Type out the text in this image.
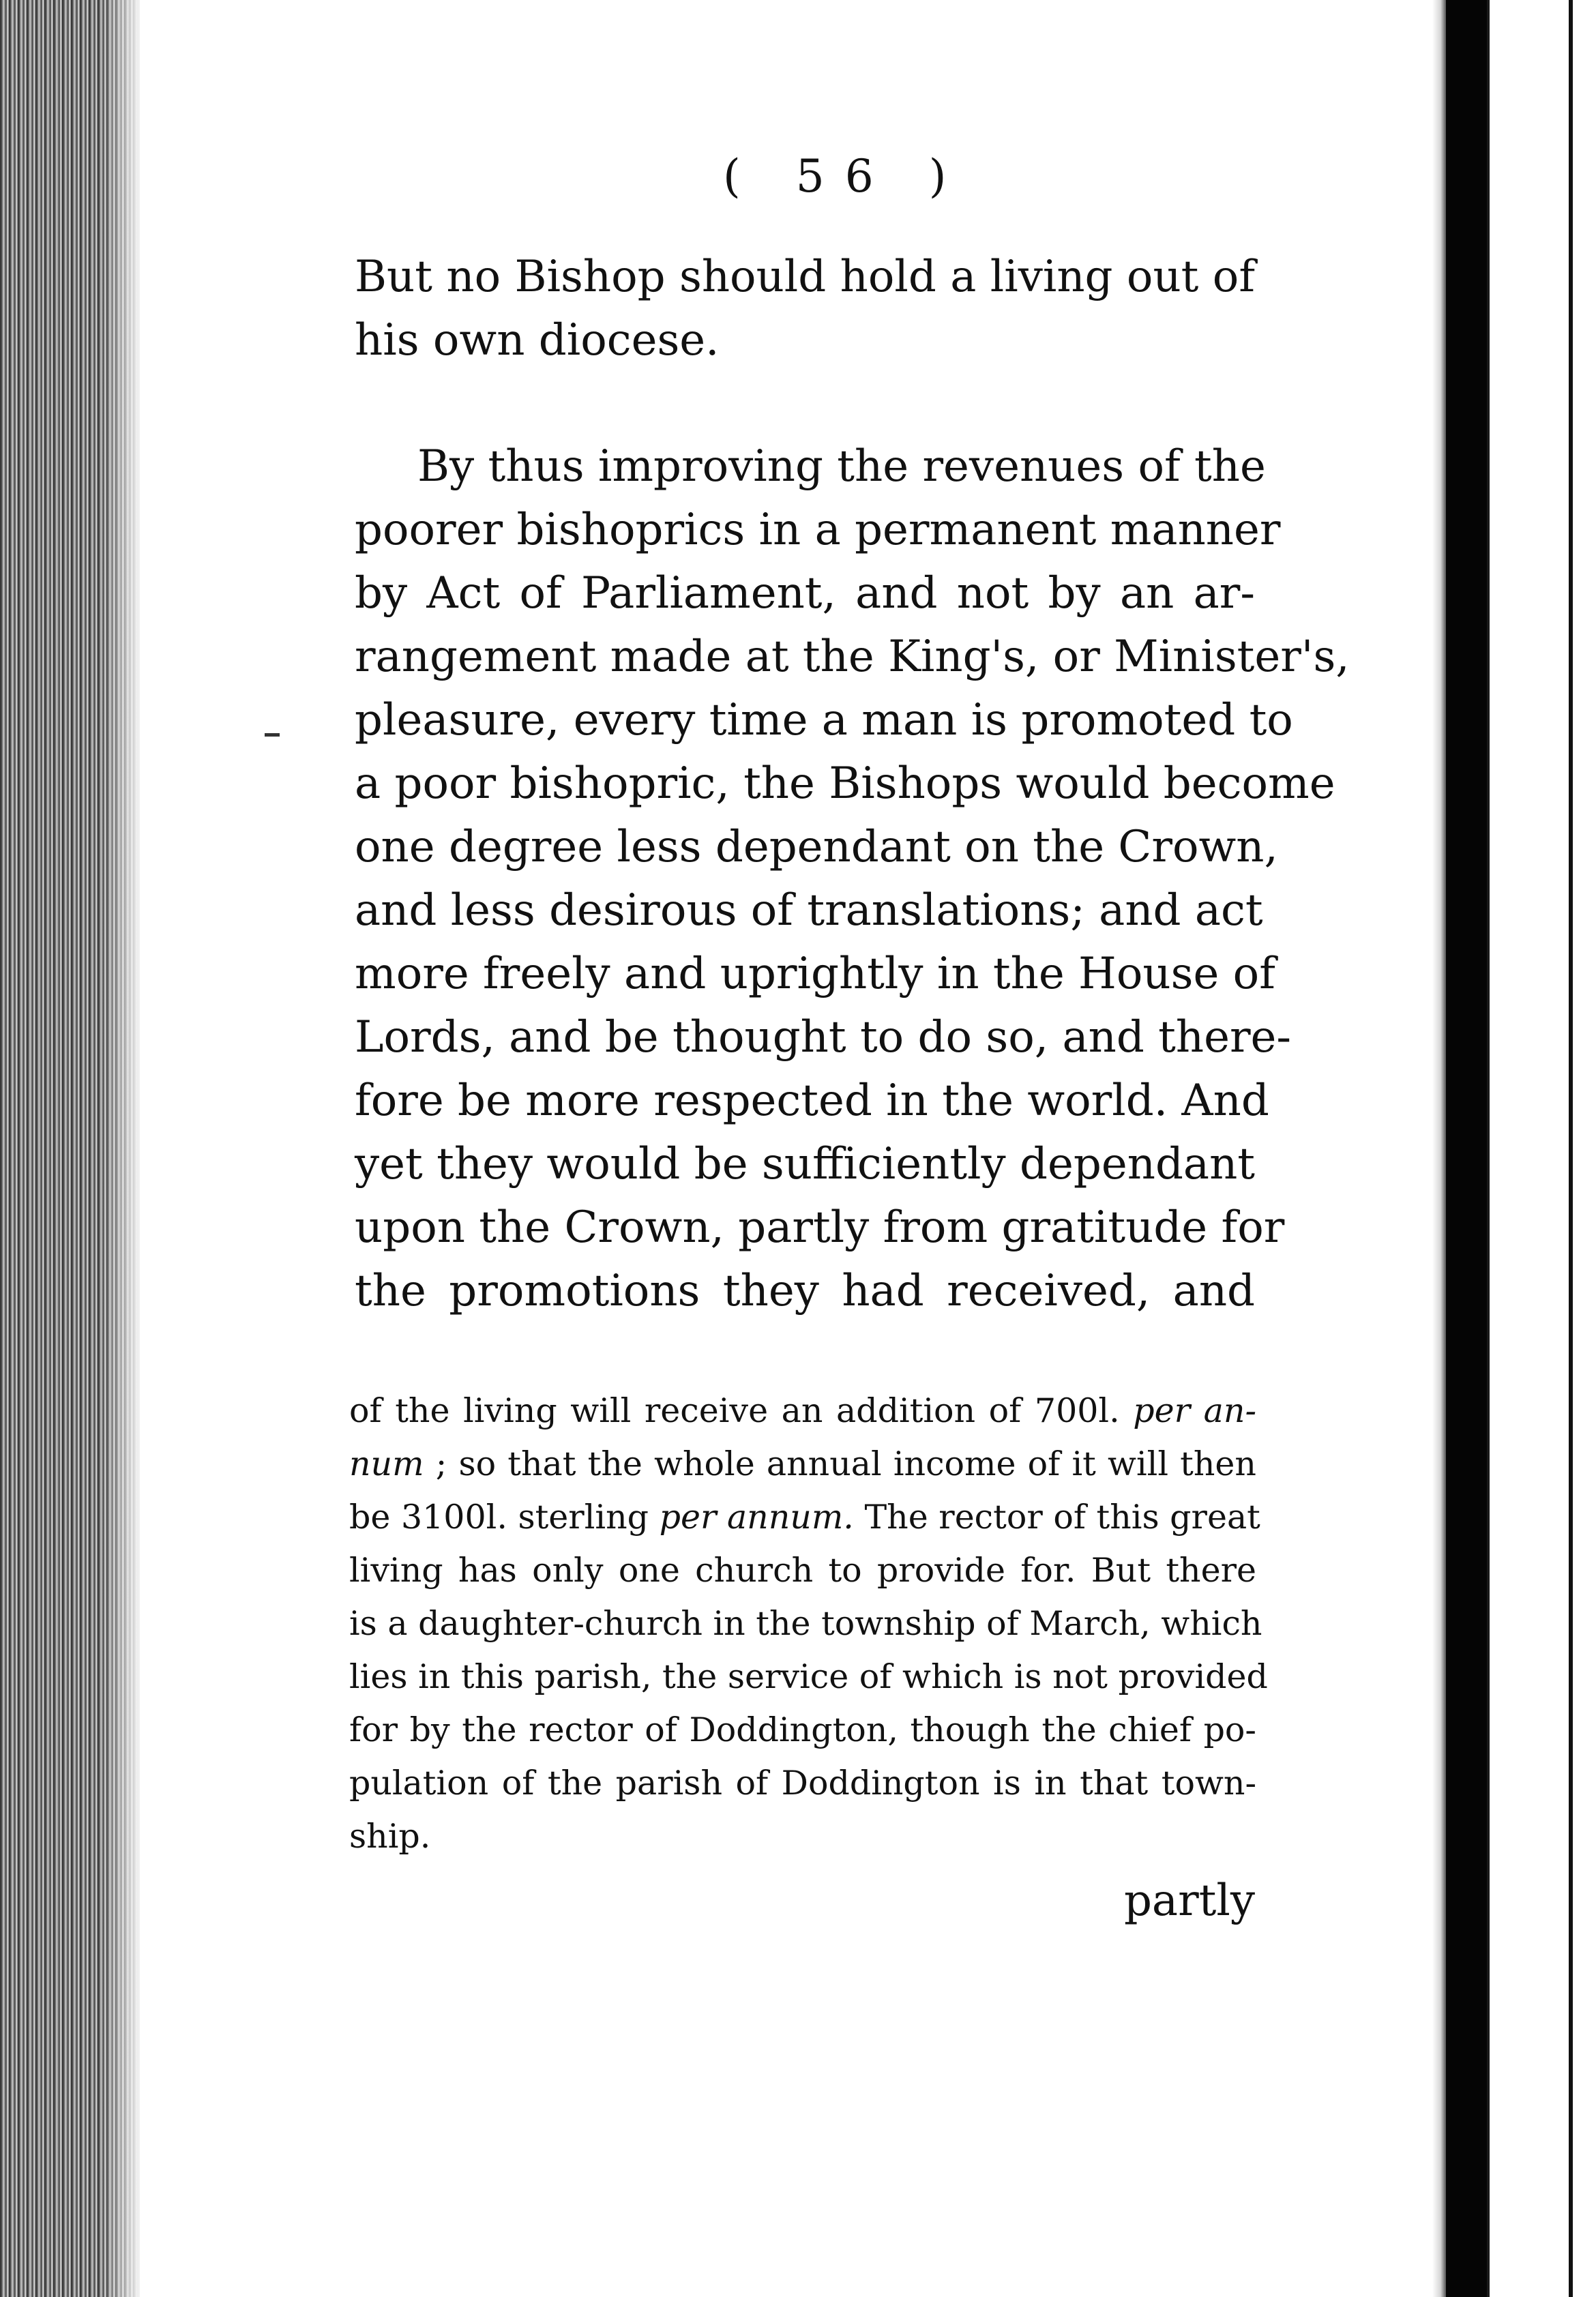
( 56 )
But no Bishop should hold a living out of
his own diocese.
By thus improving the revenues of the
poorer bishoprics in a permanent manner
by Act of Parliament, and not by an ar-
rangement made at the King's, or Minister's,
pleasure, every time a man is promoted to
a poor bishopric, the Bishops would become
one degree less dependant on the Crown,
and less desirous of translations; and act
more freely and uprightly in the House of
Lords, and be thought to do so, and there-
fore be more respected in the world. And
yet they would be sufficiently dependant
upon the Crown, partly from gratitude for
the promotions they had received, and
of the living will receive an addition of 700l. per an-
num ; so that the whole annual income of it will then
be 3100l. sterling per annum. The rector of this great
living has only one church to provide for. But there
is a daughter-church in the township of March, which
lies in this parish, the service of which is not provided
for by the rector of Doddington, though the chief po-
pulation of the parish of Doddington is in that town-
ship.
partly
